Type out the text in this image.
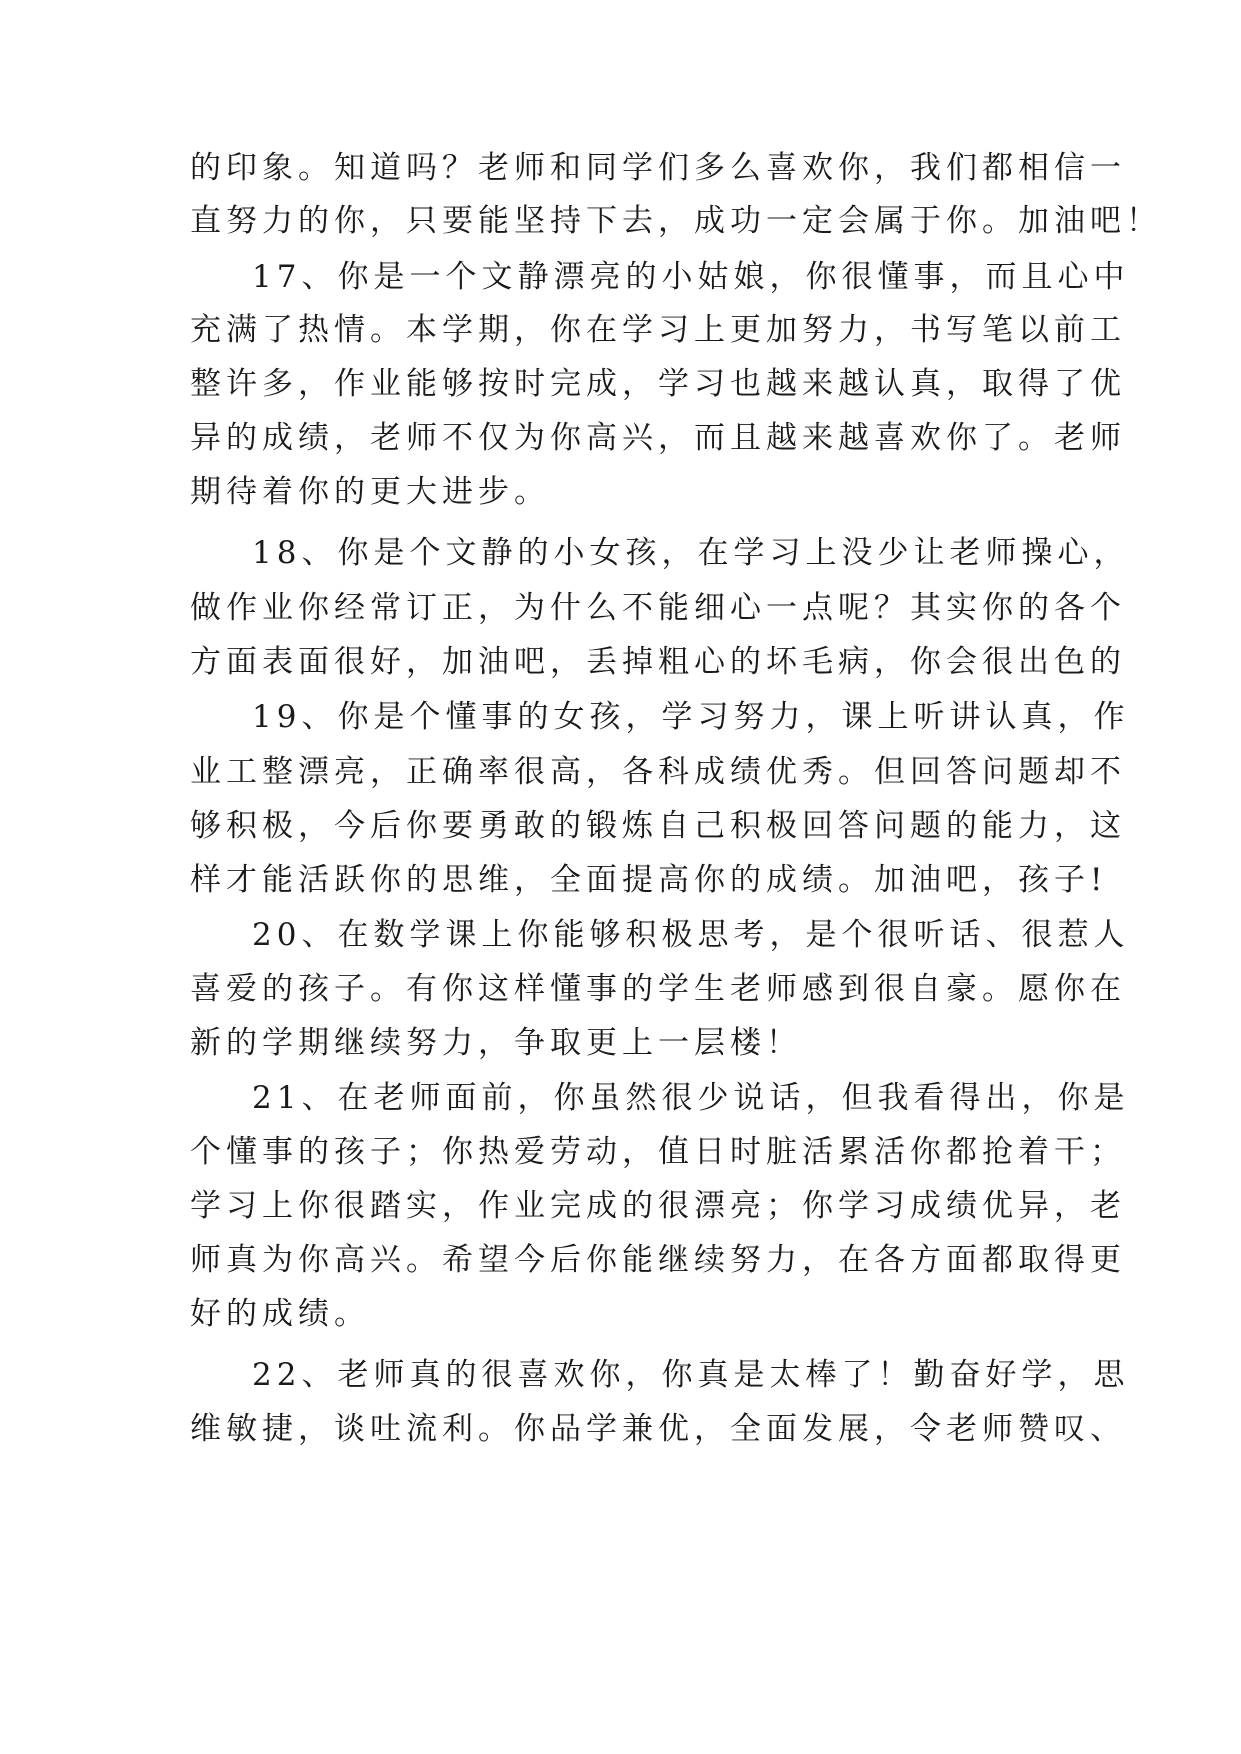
的印象。知道吗？老师和同学们多么喜欢你，我们都相信一

直努力的你，只要能坚持下去，成功一定会属于你。加油吧！

17、你是一个文静漂亮的小姑娘，你很懂事，而且心中

充满了热情。本学期，你在学习上更加努力，书写笔以前工

整许多，作业能够按时完成，学习也越来越认真，取得了优

异的成绩，老师不仅为你高兴，而且越来越喜欢你了。老师

期待着你的更大进步。

18、你是个文静的小女孩，在学习上没少让老师操心，

做作业你经常订正，为什么不能细心一点呢？其实你的各个

方面表面很好，加油吧，丢掉粗心的坏毛病，你会很出色的

19、你是个懂事的女孩，学习努力，课上听讲认真，作

业工整漂亮，正确率很高，各科成绩优秀。但回答问题却不

够积极，今后你要勇敢的锻炼自己积极回答问题的能力，这

样才能活跃你的思维，全面提高你的成绩。加油吧，孩子!

20、在数学课上你能够积极思考，是个很听话、很惹人

喜爱的孩子。有你这样懂事的学生老师感到很自豪。愿你在

新的学期继续努力，争取更上一层楼！

21、在老师面前，你虽然很少说话，但我看得出，你是

个懂事的孩子；你热爱劳动，值日时脏活累活你都抢着干；

学习上你很踏实，作业完成的很漂亮；你学习成绩优异，老

师真为你高兴。希望今后你能继续努力，在各方面都取得更

好的成绩。

22、老师真的很喜欢你，你真是太棒了！勤奋好学，思

维敏捷，谈吐流利。你品学兼优，全面发展，令老师赞叹、
